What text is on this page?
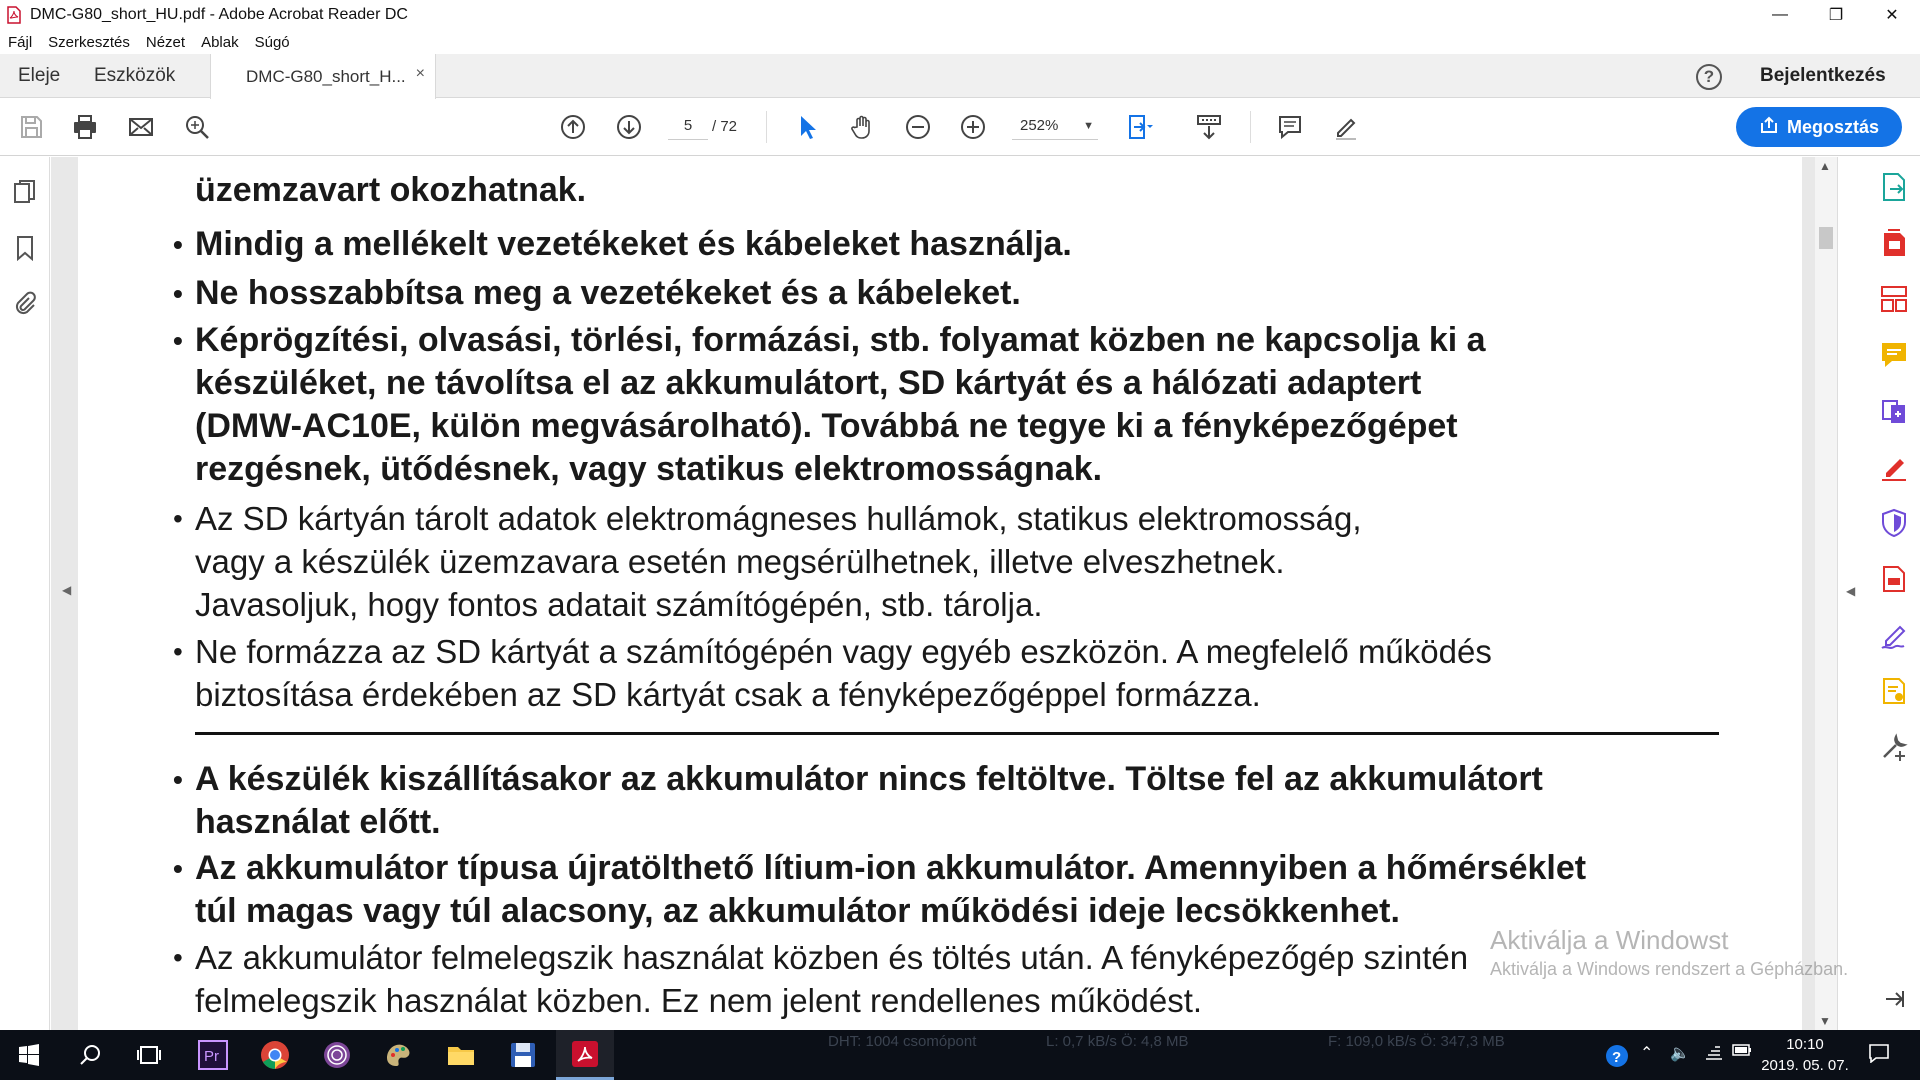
DMC-G80_short_HU.pdf - Adobe Acrobat Reader DC	—	❐	✕
Fájl Szerkesztés Nézet Ablak Súgó
Eleje Eszközök	DMC-G80_short_H... ×	?	Bejelentkezés
5	/ 72	252% ▼	Megosztás
◀
üzemzavart okozhatnak.
• Mindig a mellékelt vezetékeket és kábeleket használja.
• Ne hosszabbítsa meg a vezetékeket és a kábeleket.
• Képrögzítési, olvasási, törlési, formázási, stb. folyamat közben ne kapcsolja ki a
készüléket, ne távolítsa el az akkumulátort, SD kártyát és a hálózati adaptert
(DMW-AC10E, külön megvásárolható). Továbbá ne tegye ki a fényképezőgépet
rezgésnek, ütődésnek, vagy statikus elektromosságnak.
• Az SD kártyán tárolt adatok elektromágneses hullámok, statikus elektromosság,
vagy a készülék üzemzavara esetén megsérülhetnek, illetve elveszhetnek.
Javasoljuk, hogy fontos adatait számítógépén, stb. tárolja.
• Ne formázza az SD kártyát a számítógépén vagy egyéb eszközön. A megfelelő működés
biztosítása érdekében az SD kártyát csak a fényképezőgéppel formázza.
• A készülék kiszállításakor az akkumulátor nincs feltöltve. Töltse fel az akkumulátort
használat előtt.
• Az akkumulátor típusa újratölthető lítium-ion akkumulátor. Amennyiben a hőmérséklet
túl magas vagy túl alacsony, az akkumulátor működési ideje lecsökkenhet.
• Az akkumulátor felmelegszik használat közben és töltés után. A fényképezőgép szintén
felmelegszik használat közben. Ez nem jelent rendellenes működést.
▲
▼
◀
Aktiválja a Windowst
Aktiválja a Windows rendszert a Gépházban.
Pr
DHT: 1004 csomópont	L: 0,7 kB/s Ö: 4,8 MB	F: 109,0 kB/s Ö: 347,3 MB
? ⌃ 🔈
10:10
2019. 05. 07.
